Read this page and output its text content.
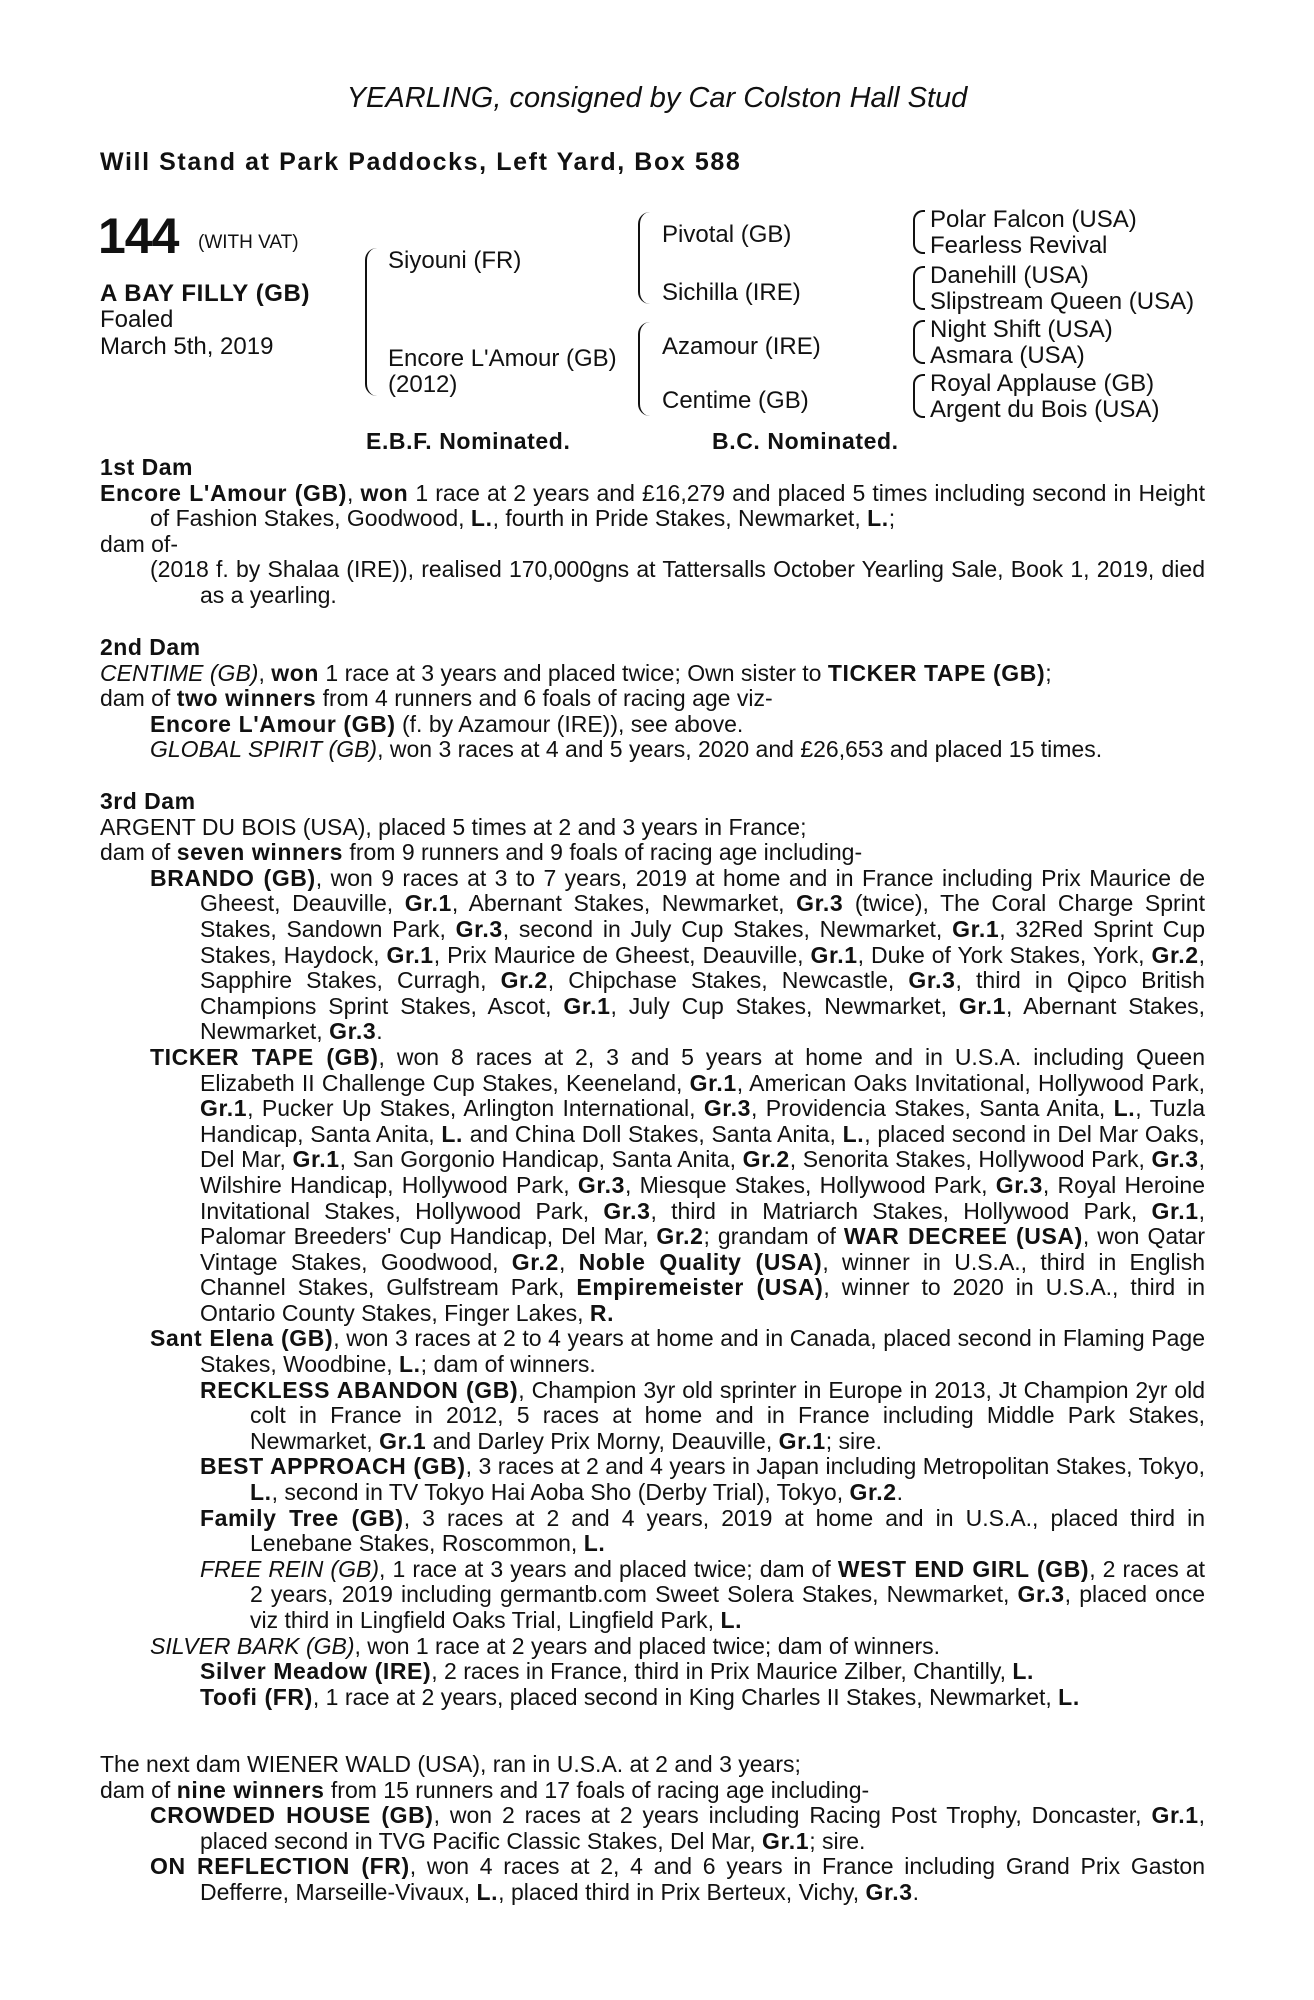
YEARLING, consigned by Car Colston Hall Stud
Will Stand at Park Paddocks, Left Yard, Box 588
144 (WITH VAT)
A BAY FILLY (GB)
Foaled
March 5th, 2019
Siyouni (FR)
Encore L'Amour (GB)
(2012)
Pivotal (GB)
Sichilla (IRE)
Azamour (IRE)
Centime (GB)
Polar Falcon (USA)
Fearless Revival
Danehill (USA)
Slipstream Queen (USA)
Night Shift (USA)
Asmara (USA)
Royal Applause (GB)
Argent du Bois (USA)
E.B.F. Nominated.	B.C. Nominated.

1st Dam

Encore L'Amour (GB), won 1 race at 2 years and £16,279 and placed 5 times including second in Height of Fashion Stakes, Goodwood, L., fourth in Pride Stakes, Newmarket, L.;

dam of-

(2018 f. by Shalaa (IRE)), realised 170,000gns at Tattersalls October Yearling Sale, Book 1, 2019, died as a yearling.

2nd Dam

CENTIME (GB), won 1 race at 3 years and placed twice; Own sister to TICKER TAPE (GB);

dam of two winners from 4 runners and 6 foals of racing age viz-

Encore L'Amour (GB) (f. by Azamour (IRE)), see above.

GLOBAL SPIRIT (GB), won 3 races at 4 and 5 years, 2020 and £26,653 and placed 15 times.

3rd Dam

ARGENT DU BOIS (USA), placed 5 times at 2 and 3 years in France;

dam of seven winners from 9 runners and 9 foals of racing age including-

BRANDO (GB), won 9 races at 3 to 7 years, 2019 at home and in France including Prix Maurice de Gheest, Deauville, Gr.1, Abernant Stakes, Newmarket, Gr.3 (twice), The Coral Charge Sprint Stakes, Sandown Park, Gr.3, second in July Cup Stakes, Newmarket, Gr.1, 32Red Sprint Cup Stakes, Haydock, Gr.1, Prix Maurice de Gheest, Deauville, Gr.1, Duke of York Stakes, York, Gr.2, Sapphire Stakes, Curragh, Gr.2, Chipchase Stakes, Newcastle, Gr.3, third in Qipco British Champions Sprint Stakes, Ascot, Gr.1, July Cup Stakes, Newmarket, Gr.1, Abernant Stakes, Newmarket, Gr.3.

TICKER TAPE (GB), won 8 races at 2, 3 and 5 years at home and in U.S.A. including Queen Elizabeth II Challenge Cup Stakes, Keeneland, Gr.1, American Oaks Invitational, Hollywood Park, Gr.1, Pucker Up Stakes, Arlington International, Gr.3, Providencia Stakes, Santa Anita, L., Tuzla Handicap, Santa Anita, L. and China Doll Stakes, Santa Anita, L., placed second in Del Mar Oaks, Del Mar, Gr.1, San Gorgonio Handicap, Santa Anita, Gr.2, Senorita Stakes, Hollywood Park, Gr.3, Wilshire Handicap, Hollywood Park, Gr.3, Miesque Stakes, Hollywood Park, Gr.3, Royal Heroine Invitational Stakes, Hollywood Park, Gr.3, third in Matriarch Stakes, Hollywood Park, Gr.1, Palomar Breeders' Cup Handicap, Del Mar, Gr.2; grandam of WAR DECREE (USA), won Qatar Vintage Stakes, Goodwood, Gr.2, Noble Quality (USA), winner in U.S.A., third in English Channel Stakes, Gulfstream Park, Empiremeister (USA), winner to 2020 in U.S.A., third in Ontario County Stakes, Finger Lakes, R.

Sant Elena (GB), won 3 races at 2 to 4 years at home and in Canada, placed second in Flaming Page Stakes, Woodbine, L.; dam of winners.

RECKLESS ABANDON (GB), Champion 3yr old sprinter in Europe in 2013, Jt Champion 2yr old colt in France in 2012, 5 races at home and in France including Middle Park Stakes, Newmarket, Gr.1 and Darley Prix Morny, Deauville, Gr.1; sire.

BEST APPROACH (GB), 3 races at 2 and 4 years in Japan including Metropolitan Stakes, Tokyo, L., second in TV Tokyo Hai Aoba Sho (Derby Trial), Tokyo, Gr.2.

Family Tree (GB), 3 races at 2 and 4 years, 2019 at home and in U.S.A., placed third in Lenebane Stakes, Roscommon, L.

FREE REIN (GB), 1 race at 3 years and placed twice; dam of WEST END GIRL (GB), 2 races at 2 years, 2019 including germantb.com Sweet Solera Stakes, Newmarket, Gr.3, placed once viz third in Lingfield Oaks Trial, Lingfield Park, L.

SILVER BARK (GB), won 1 race at 2 years and placed twice; dam of winners.

Silver Meadow (IRE), 2 races in France, third in Prix Maurice Zilber, Chantilly, L.

Toofi (FR), 1 race at 2 years, placed second in King Charles II Stakes, Newmarket, L.

The next dam WIENER WALD (USA), ran in U.S.A. at 2 and 3 years;

dam of nine winners from 15 runners and 17 foals of racing age including-

CROWDED HOUSE (GB), won 2 races at 2 years including Racing Post Trophy, Doncaster, Gr.1, placed second in TVG Pacific Classic Stakes, Del Mar, Gr.1; sire.

ON REFLECTION (FR), won 4 races at 2, 4 and 6 years in France including Grand Prix Gaston Defferre, Marseille-Vivaux, L., placed third in Prix Berteux, Vichy, Gr.3.
